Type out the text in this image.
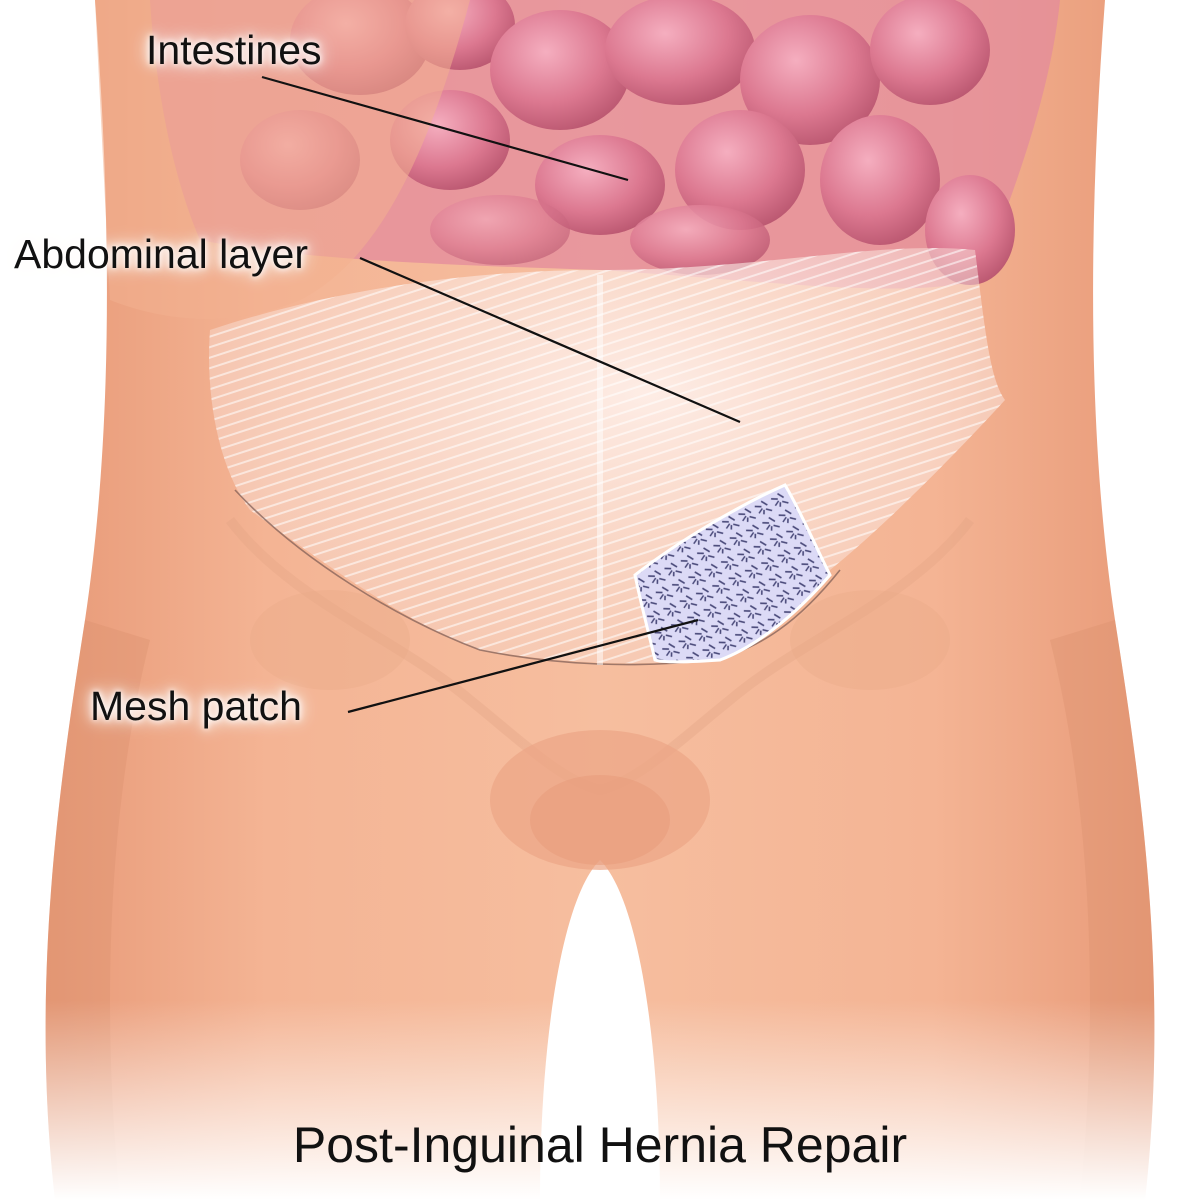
Intestines
Abdominal layer
Mesh patch
Post-Inguinal Hernia Repair
